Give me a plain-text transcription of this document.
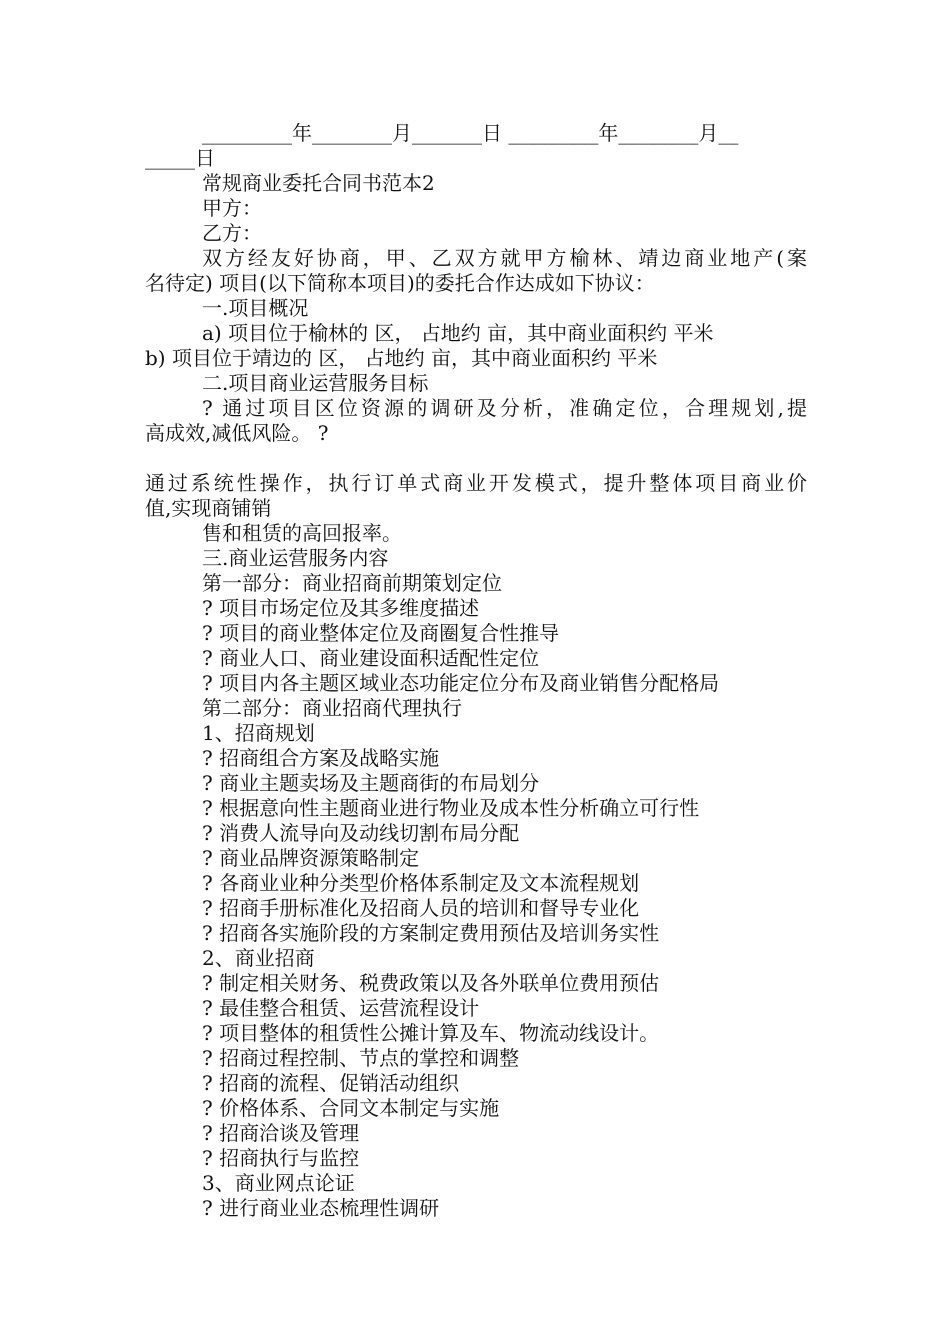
_________年________月_______日 _________年________月__
_____日
常规商业委托合同书范本2
甲方：
乙方：
双方经友好协商，甲、乙双方就甲方榆林、靖边商业地产(案
名待定) 项目(以下简称本项目)的委托合作达成如下协议：
一.项目概况
a) 项目位于榆林的 区， 占地约 亩，其中商业面积约 平米
b) 项目位于靖边的 区， 占地约 亩，其中商业面积约 平米
二.项目商业运营服务目标
? 通过项目区位资源的调研及分析，准确定位，合理规划,提
高成效,减低风险。 ?
通过系统性操作，执行订单式商业开发模式，提升整体项目商业价
值,实现商铺销
售和租赁的高回报率。
三.商业运营服务内容
第一部分：商业招商前期策划定位
? 项目市场定位及其多维度描述
? 项目的商业整体定位及商圈复合性推导
? 商业人口、商业建设面积适配性定位
? 项目内各主题区域业态功能定位分布及商业销售分配格局
第二部分：商业招商代理执行
1、招商规划
? 招商组合方案及战略实施
? 商业主题卖场及主题商街的布局划分
? 根据意向性主题商业进行物业及成本性分析确立可行性
? 消费人流导向及动线切割布局分配
? 商业品牌资源策略制定
? 各商业业种分类型价格体系制定及文本流程规划
? 招商手册标准化及招商人员的培训和督导专业化
? 招商各实施阶段的方案制定费用预估及培训务实性
2、商业招商
? 制定相关财务、税费政策以及各外联单位费用预估
? 最佳整合租赁、运营流程设计
? 项目整体的租赁性公摊计算及车、物流动线设计。
? 招商过程控制、节点的掌控和调整
? 招商的流程、促销活动组织
? 价格体系、合同文本制定与实施
? 招商洽谈及管理
? 招商执行与监控
3、商业网点论证
? 进行商业业态梳理性调研
